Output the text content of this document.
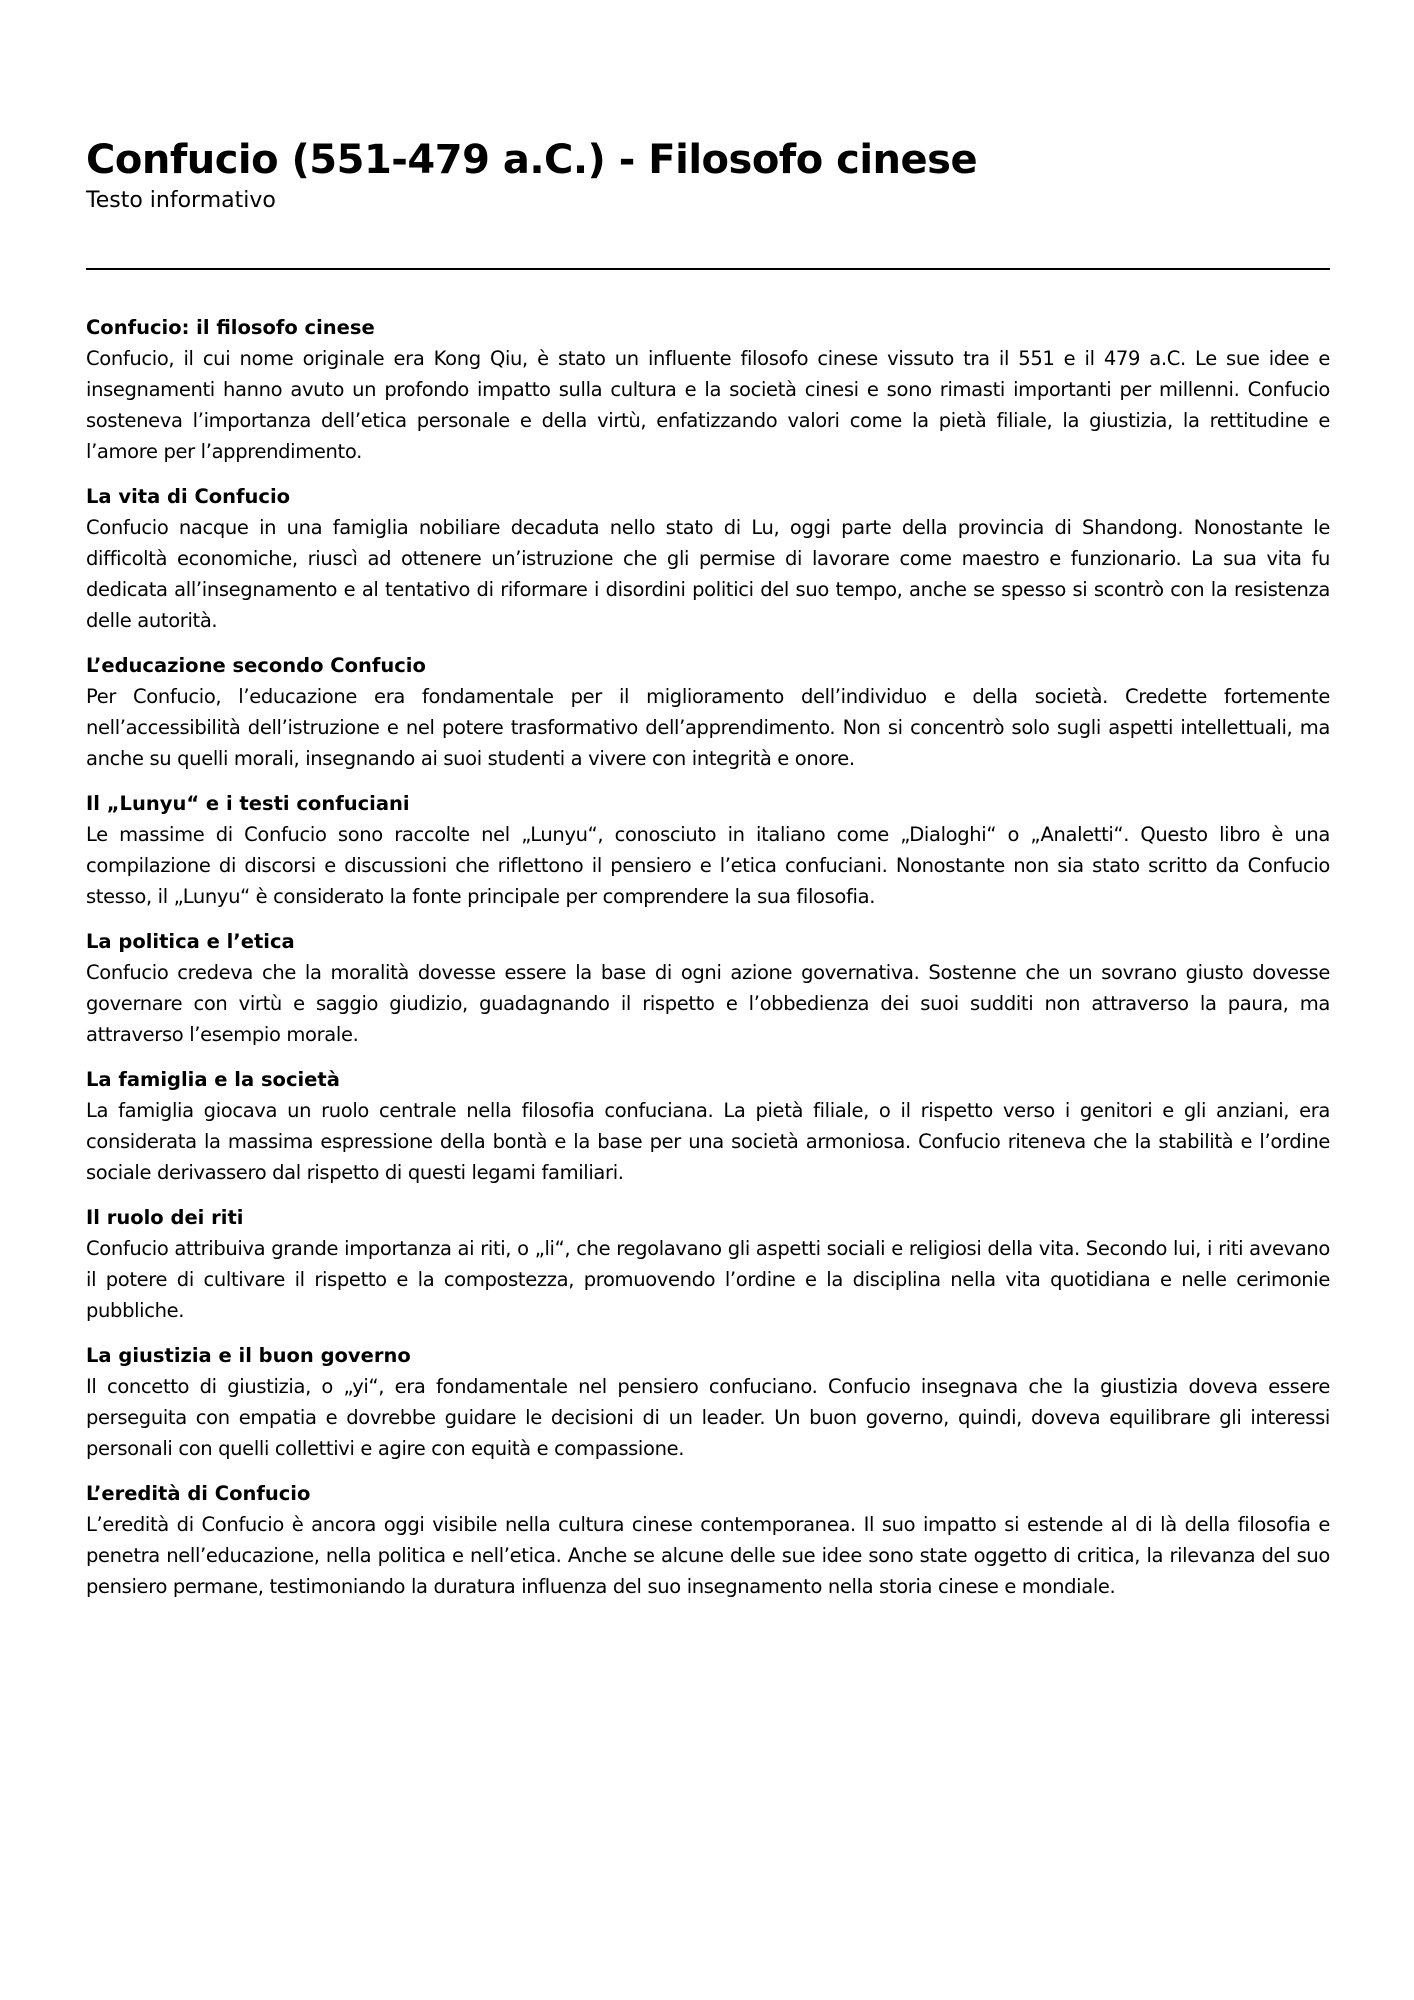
Confucio (551-479 a.C.) - Filosofo cinese

Testo informativo

Confucio: il filosofo cinese

Confucio, il cui nome originale era Kong Qiu, è stato un influente filosofo cinese vissuto tra il 551 e il 479 a.C. Le sue idee e insegnamenti hanno avuto un profondo impatto sulla cultura e la società cinesi e sono rimasti importanti per millenni. Confucio sosteneva l’importanza dell’etica personale e della virtù, enfatizzando valori come la pietà filiale, la giustizia, la rettitudine e l’amore per l’apprendimento.

La vita di Confucio

Confucio nacque in una famiglia nobiliare decaduta nello stato di Lu, oggi parte della provincia di Shandong. Nonostante le difficoltà economiche, riuscì ad ottenere un’istruzione che gli permise di lavorare come maestro e funzionario. La sua vita fu dedicata all’insegnamento e al tentativo di riformare i disordini politici del suo tempo, anche se spesso si scontrò con la resistenza delle autorità.

L’educazione secondo Confucio

Per Confucio, l’educazione era fondamentale per il miglioramento dell’individuo e della società. Credette fortemente nell’accessibilità dell’istruzione e nel potere trasformativo dell’apprendimento. Non si concentrò solo sugli aspetti intellettuali, ma anche su quelli morali, insegnando ai suoi studenti a vivere con integrità e onore.

Il „Lunyu“ e i testi confuciani

Le massime di Confucio sono raccolte nel „Lunyu“, conosciuto in italiano come „Dialoghi“ o „Analetti“. Questo libro è una compilazione di discorsi e discussioni che riflettono il pensiero e l’etica confuciani. Nonostante non sia stato scritto da Confucio stesso, il „Lunyu“ è considerato la fonte principale per comprendere la sua filosofia.

La politica e l’etica

Confucio credeva che la moralità dovesse essere la base di ogni azione governativa. Sostenne che un sovrano giusto dovesse governare con virtù e saggio giudizio, guadagnando il rispetto e l’obbedienza dei suoi sudditi non attraverso la paura, ma attraverso l’esempio morale.

La famiglia e la società

La famiglia giocava un ruolo centrale nella filosofia confuciana. La pietà filiale, o il rispetto verso i genitori e gli anziani, era considerata la massima espressione della bontà e la base per una società armoniosa. Confucio riteneva che la stabilità e l’ordine sociale derivassero dal rispetto di questi legami familiari.

Il ruolo dei riti

Confucio attribuiva grande importanza ai riti, o „li“, che regolavano gli aspetti sociali e religiosi della vita. Secondo lui, i riti avevano il potere di cultivare il rispetto e la compostezza, promuovendo l’ordine e la disciplina nella vita quotidiana e nelle cerimonie pubbliche.

La giustizia e il buon governo

Il concetto di giustizia, o „yi“, era fondamentale nel pensiero confuciano. Confucio insegnava che la giustizia doveva essere perseguita con empatia e dovrebbe guidare le decisioni di un leader. Un buon governo, quindi, doveva equilibrare gli interessi personali con quelli collettivi e agire con equità e compassione.

L’eredità di Confucio

L’eredità di Confucio è ancora oggi visibile nella cultura cinese contemporanea. Il suo impatto si estende al di là della filosofia e penetra nell’educazione, nella politica e nell’etica. Anche se alcune delle sue idee sono state oggetto di critica, la rilevanza del suo pensiero permane, testimoniando la duratura influenza del suo insegnamento nella storia cinese e mondiale.
